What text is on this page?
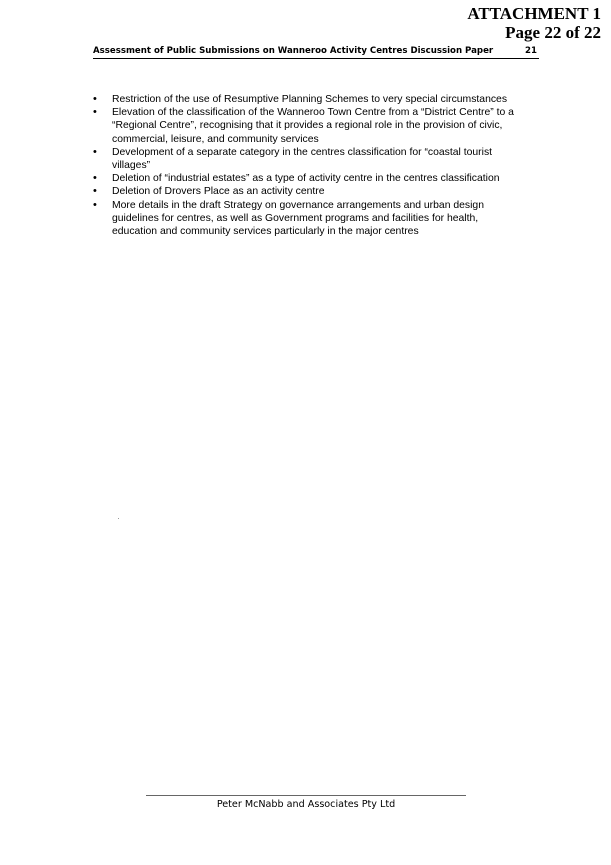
ATTACHMENT 1
Page 22 of 22
Assessment of Public Submissions on Wanneroo Activity Centres Discussion Paper	21
• Restriction of the use of Resumptive Planning Schemes to very special circumstances
• Elevation of the classification of the Wanneroo Town Centre from a “District Centre” to a “Regional Centre”, recognising that it provides a regional role in the provision of civic, commercial, leisure, and community services
• Development of a separate category in the centres classification for “coastal tourist villages”
• Deletion of “industrial estates” as a type of activity centre in the centres classification
• Deletion of Drovers Place as an activity centre
• More details in the draft Strategy on governance arrangements and urban design guidelines for centres, as well as Government programs and facilities for health, education and community services particularly in the major centres
Peter McNabb and Associates Pty Ltd
